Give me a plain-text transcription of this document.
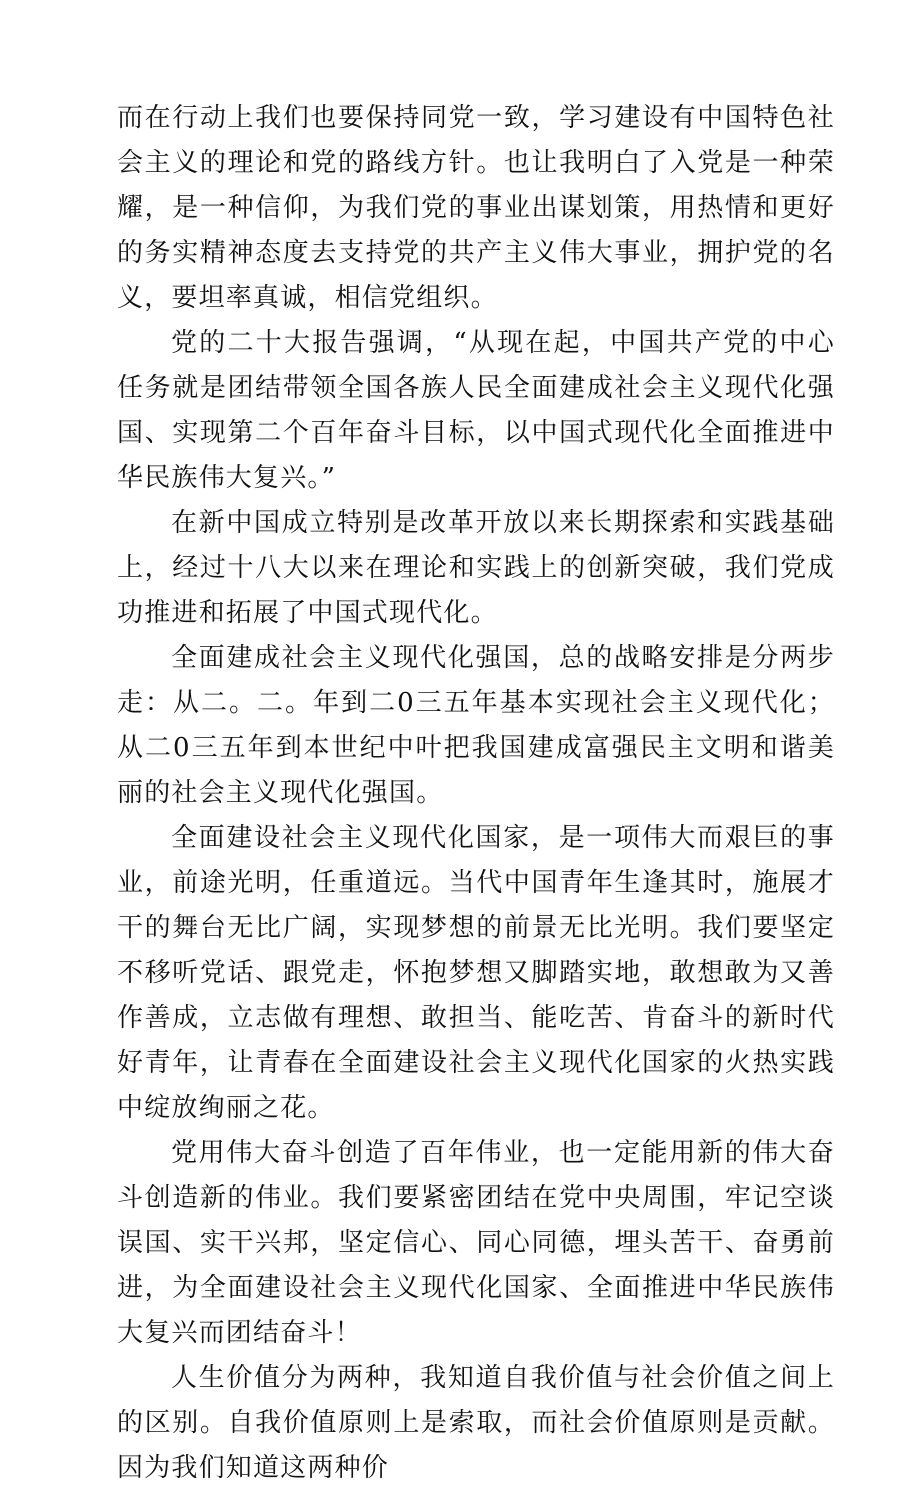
而在行动上我们也要保持同党一致，学习建设有中国特色社会主义的理论和党的路线方针。也让我明白了入党是一种荣耀，是一种信仰，为我们党的事业出谋划策，用热情和更好的务实精神态度去支持党的共产主义伟大事业，拥护党的名义，要坦率真诚，相信党组织。

党的二十大报告强调，“从现在起，中国共产党的中心任务就是团结带领全国各族人民全面建成社会主义现代化强国、实现第二个百年奋斗目标，以中国式现代化全面推进中华民族伟大复兴。”

在新中国成立特别是改革开放以来长期探索和实践基础上，经过十八大以来在理论和实践上的创新突破，我们党成功推进和拓展了中国式现代化。

全面建成社会主义现代化强国，总的战略安排是分两步走：从二。二。年到二0三五年基本实现社会主义现代化；从二0三五年到本世纪中叶把我国建成富强民主文明和谐美丽的社会主义现代化强国。

全面建设社会主义现代化国家，是一项伟大而艰巨的事业，前途光明，任重道远。当代中国青年生逢其时，施展才干的舞台无比广阔，实现梦想的前景无比光明。我们要坚定不移听党话、跟党走，怀抱梦想又脚踏实地，敢想敢为又善作善成，立志做有理想、敢担当、能吃苦、肯奋斗的新时代好青年，让青春在全面建设社会主义现代化国家的火热实践中绽放绚丽之花。

党用伟大奋斗创造了百年伟业，也一定能用新的伟大奋斗创造新的伟业。我们要紧密团结在党中央周围，牢记空谈误国、实干兴邦，坚定信心、同心同德，埋头苦干、奋勇前进，为全面建设社会主义现代化国家、全面推进中华民族伟大复兴而团结奋斗！

人生价值分为两种，我知道自我价值与社会价值之间上的区别。自我价值原则上是索取，而社会价值原则是贡献。因为我们知道这两种价
